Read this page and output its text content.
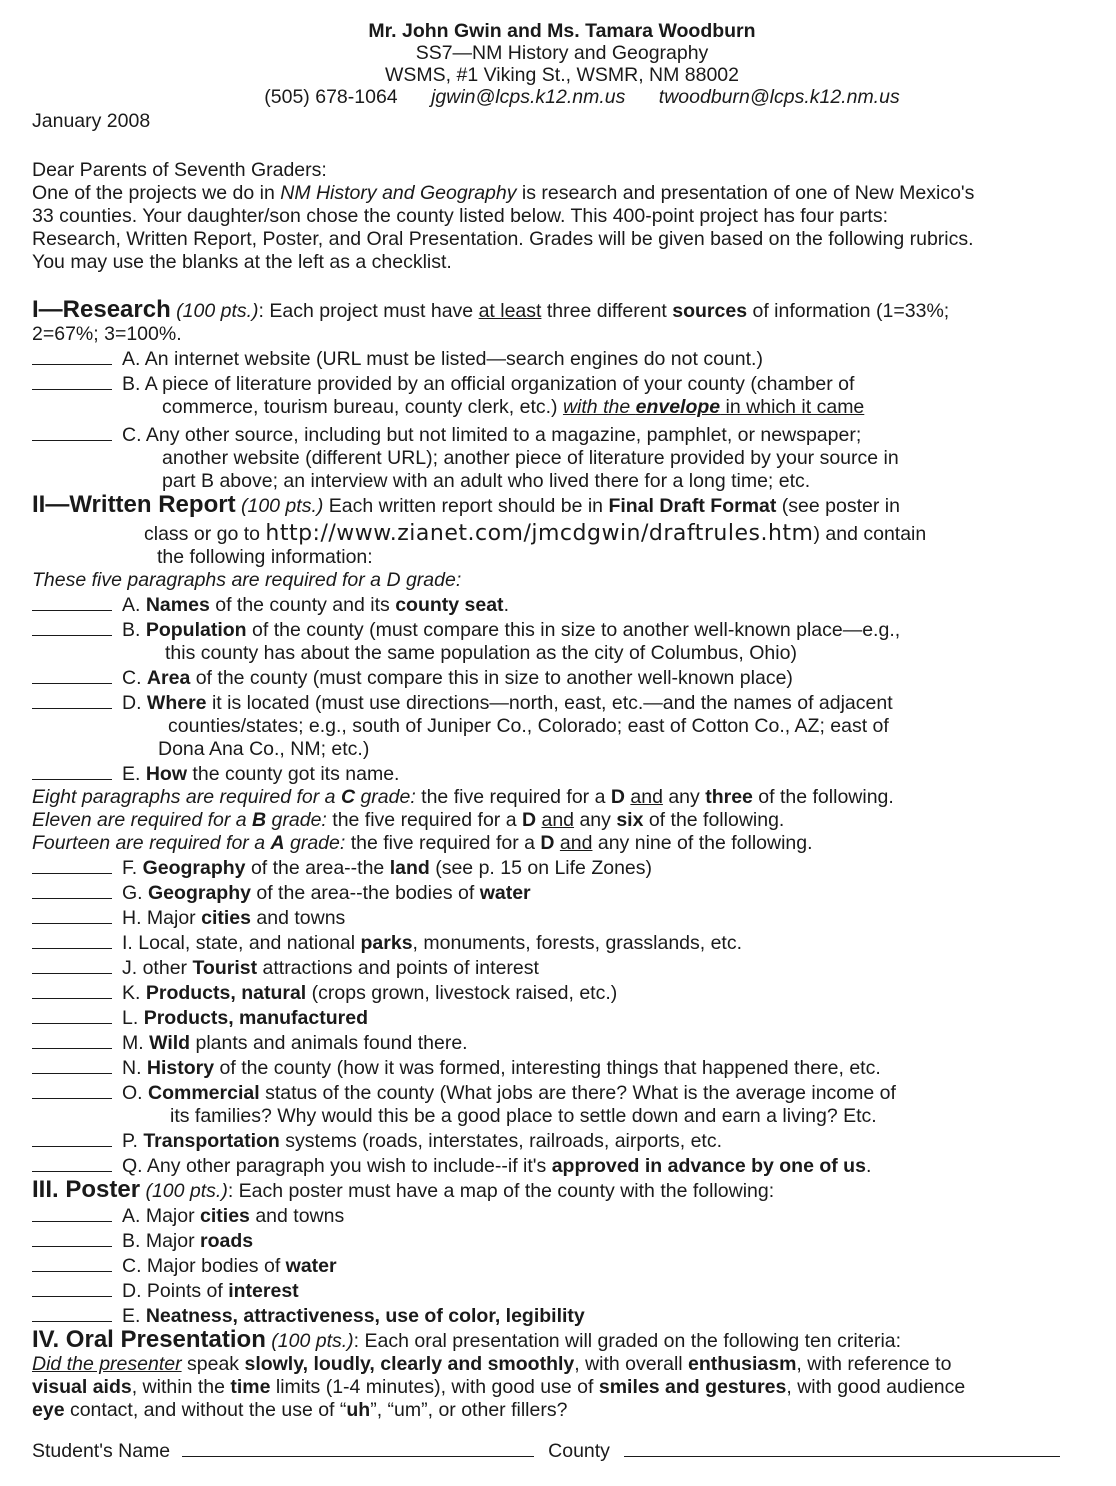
Mr. John Gwin and Ms. Tamara Woodburn
SS7—NM History and Geography
WSMS, #1 Viking St., WSMR, NM 88002
(505) 678-1064 jgwin@lcps.k12.nm.us twoodburn@lcps.k12.nm.us
January 2008
Dear Parents of Seventh Graders:
One of the projects we do in NM History and Geography is research and presentation of one of New Mexico's
33 counties. Your daughter/son chose the county listed below. This 400-point project has four parts:
Research, Written Report, Poster, and Oral Presentation. Grades will be given based on the following rubrics.
You may use the blanks at the left as a checklist.
I—Research (100 pts.): Each project must have at least three different sources of information (1=33%;
2=67%; 3=100%.
A. An internet website (URL must be listed—search engines do not count.)
B. A piece of literature provided by an official organization of your county (chamber of
commerce, tourism bureau, county clerk, etc.) with the envelope in which it came
C. Any other source, including but not limited to a magazine, pamphlet, or newspaper;
another website (different URL); another piece of literature provided by your source in
part B above; an interview with an adult who lived there for a long time; etc.
II—Written Report (100 pts.) Each written report should be in Final Draft Format (see poster in
class or go to http://www.zianet.com/jmcdgwin/draftrules.htm) and contain
the following information:
These five paragraphs are required for a D grade:
A. Names of the county and its county seat.
B. Population of the county (must compare this in size to another well-known place—e.g.,
this county has about the same population as the city of Columbus, Ohio)
C. Area of the county (must compare this in size to another well-known place)
D. Where it is located (must use directions—north, east, etc.—and the names of adjacent
counties/states; e.g., south of Juniper Co., Colorado; east of Cotton Co., AZ; east of
Dona Ana Co., NM; etc.)
E. How the county got its name.
Eight paragraphs are required for a C grade: the five required for a D and any three of the following.
Eleven are required for a B grade: the five required for a D and any six of the following.
Fourteen are required for a A grade: the five required for a D and any nine of the following.
F. Geography of the area--the land (see p. 15 on Life Zones)
G. Geography of the area--the bodies of water
H. Major cities and towns
I. Local, state, and national parks, monuments, forests, grasslands, etc.
J. other Tourist attractions and points of interest
K. Products, natural (crops grown, livestock raised, etc.)
L. Products, manufactured
M. Wild plants and animals found there.
N. History of the county (how it was formed, interesting things that happened there, etc.
O. Commercial status of the county (What jobs are there? What is the average income of
its families? Why would this be a good place to settle down and earn a living? Etc.
P. Transportation systems (roads, interstates, railroads, airports, etc.
Q. Any other paragraph you wish to include--if it's approved in advance by one of us.
III. Poster (100 pts.): Each poster must have a map of the county with the following:
A. Major cities and towns
B. Major roads
C. Major bodies of water
D. Points of interest
E. Neatness, attractiveness, use of color, legibility
IV. Oral Presentation (100 pts.): Each oral presentation will graded on the following ten criteria:
Did the presenter speak slowly, loudly, clearly and smoothly, with overall enthusiasm, with reference to
visual aids, within the time limits (1-4 minutes), with good use of smiles and gestures, with good audience
eye contact, and without the use of “uh”, “um”, or other fillers?
Student's Name	County
